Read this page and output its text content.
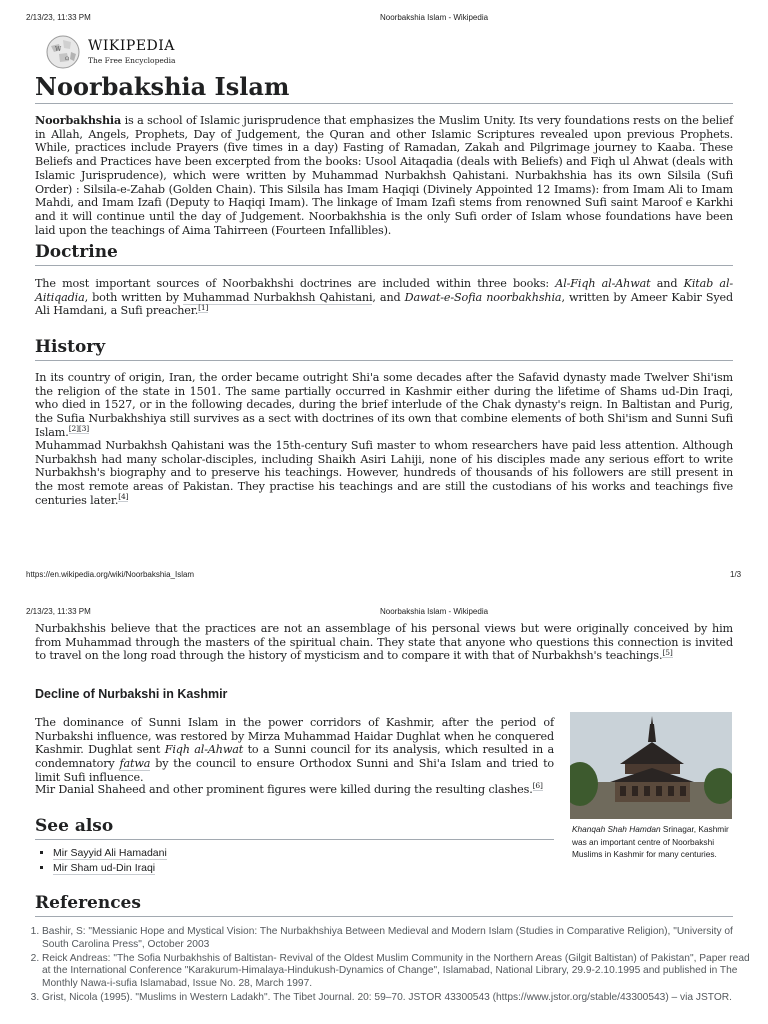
2/13/23, 11:33 PM	Noorbakshia Islam - Wikipedia
W
Ω
WIKIPEDIA
The Free Encyclopedia
Noorbakshia Islam
Noorbakhshia is a school of Islamic jurisprudence that emphasizes the Muslim Unity. Its very foundations rests on the belief in Allah, Angels, Prophets, Day of Judgement, the Quran and other Islamic Scriptures revealed upon previous Prophets. While, practices include Prayers (five times in a day) Fasting of Ramadan, Zakah and Pilgrimage journey to Kaaba. These Beliefs and Practices have been excerpted from the books: Usool Aitaqadia (deals with Beliefs) and Fiqh ul Ahwat (deals with Islamic Jurisprudence), which were written by Muhammad Nurbakhsh Qahistani. Nurbakhshia has its own Silsila (Sufi Order) : Silsila-e-Zahab (Golden Chain). This Silsila has Imam Haqiqi (Divinely Appointed 12 Imams): from Imam Ali to Imam Mahdi, and Imam Izafi (Deputy to Haqiqi Imam). The linkage of Imam Izafi stems from renowned Sufi saint Maroof e Karkhi and it will continue until the day of Judgement. Noorbakhshia is the only Sufi order of Islam whose foundations have been laid upon the teachings of Aima Tahirreen (Fourteen Infallibles).
Doctrine
The most important sources of Noorbakhshi doctrines are included within three books: Al-Fiqh al-Ahwat and Kitab al-Aitiqadia, both written by Muhammad Nurbakhsh Qahistani, and Dawat-e-Sofia noorbakhshia, written by Ameer Kabir Syed Ali Hamdani, a Sufi preacher.[1]
History
In its country of origin, Iran, the order became outright Shi'a some decades after the Safavid dynasty made Twelver Shi'ism the religion of the state in 1501. The same partially occurred in Kashmir either during the lifetime of Shams ud-Din Iraqi, who died in 1527, or in the following decades, during the brief interlude of the Chak dynasty's reign. In Baltistan and Purig, the Sufia Nurbakhshiya still survives as a sect with doctrines of its own that combine elements of both Shi'ism and Sunni Sufi Islam.[2][3]
Muhammad Nurbakhsh Qahistani was the 15th-century Sufi master to whom researchers have paid less attention. Although Nurbakhsh had many scholar-disciples, including Shaikh Asiri Lahiji, none of his disciples made any serious effort to write Nurbakhsh's biography and to preserve his teachings. However, hundreds of thousands of his followers are still present in the most remote areas of Pakistan. They practise his teachings and are still the custodians of his works and teachings five centuries later.[4]
https://en.wikipedia.org/wiki/Noorbakshia_Islam	1/3
2/13/23, 11:33 PM	Noorbakshia Islam - Wikipedia
Nurbakhshis believe that the practices are not an assemblage of his personal views but were originally conceived by him from Muhammad through the masters of the spiritual chain. They state that anyone who questions this connection is invited to travel on the long road through the history of mysticism and to compare it with that of Nurbakhsh's teachings.[5]
Decline of Nurbakshi in Kashmir
The dominance of Sunni Islam in the power corridors of Kashmir, after the period of Nurbakshi influence, was restored by Mirza Muhammad Haidar Dughlat when he conquered Kashmir. Dughlat sent Fiqh al-Ahwat to a Sunni council for its analysis, which resulted in a condemnatory fatwa by the council to ensure Orthodox Sunni and Shi'a Islam and tried to limit Sufi influence.
Mir Danial Shaheed and other prominent figures were killed during the resulting clashes.[6]
Khanqah Shah Hamdan Srinagar, Kashmir was an important centre of Noorbakshi Muslims in Kashmir for many centuries.
See also
▪ Mir Sayyid Ali Hamadani
▪ Mir Sham ud-Din Iraqi
References
1. Bashir, S: "Messianic Hope and Mystical Vision: The Nurbakhshiya Between Medieval and Modern Islam (Studies in Comparative Religion), "University of South Carolina Press", October 2003
2. Reick Andreas: "The Sofia Nurbakhshis of Baltistan- Revival of the Oldest Muslim Community in the Northern Areas (Gilgit Baltistan) of Pakistan", Paper read at the International Conference "Karakurum-Himalaya-Hindukush-Dynamics of Change", Islamabad, National Library, 29.9-2.10.1995 and published in The Monthly Nawa-i-sufia Islamabad, Issue No. 28, March 1997.
3. Grist, Nicola (1995). "Muslims in Western Ladakh". The Tibet Journal. 20: 59–70. JSTOR 43300543 (https://www.jstor.org/stable/43300543) – via JSTOR.
